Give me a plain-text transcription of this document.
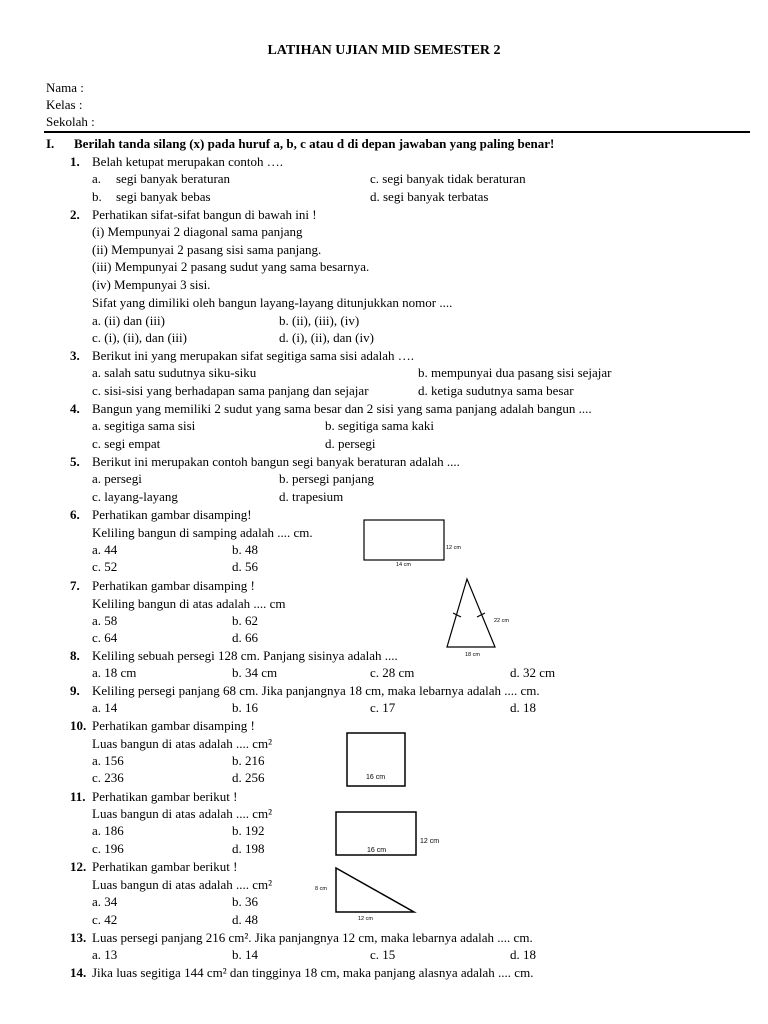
LATIHAN UJIAN MID SEMESTER 2
Nama :
Kelas :
Sekolah :
I. Berilah tanda silang (x) pada huruf a, b, c atau d di depan jawaban yang paling benar!
1. Belah ketupat merupakan contoh ….
a. segi banyak beraturan	c. segi banyak tidak beraturan
b. segi banyak bebas	d. segi banyak terbatas
2. Perhatikan sifat-sifat bangun di bawah ini !
(i) Mempunyai 2 diagonal sama panjang
(ii) Mempunyai 2 pasang sisi sama panjang.
(iii) Mempunyai 2 pasang sudut yang sama besarnya.
(iv) Mempunyai 3 sisi.
Sifat yang dimiliki oleh bangun layang-layang ditunjukkan nomor ....
a. (ii) dan (iii)	b. (ii), (iii), (iv)
c. (i), (ii), dan (iii)	d. (i), (ii), dan (iv)
3. Berikut ini yang merupakan sifat segitiga sama sisi adalah ….
a. salah satu sudutnya siku-siku	b. mempunyai dua pasang sisi sejajar
c. sisi-sisi yang berhadapan sama panjang dan sejajar	d. ketiga sudutnya sama besar
4. Bangun yang memiliki 2 sudut yang sama besar dan 2 sisi yang sama panjang adalah bangun ....
a. segitiga sama sisi	b. segitiga sama kaki
c. segi empat	d. persegi
5. Berikut ini merupakan contoh bangun segi banyak beraturan adalah ....
a. persegi	b. persegi panjang
c. layang-layang	d. trapesium
6. Perhatikan gambar disamping!
Keliling bangun di samping adalah .... cm.
a. 44	b. 48
c. 52	d. 56
12 cm
14 cm
7. Perhatikan gambar disamping !
Keliling bangun di atas adalah .... cm
a. 58	b. 62
c. 64	d. 66
22 cm
18 cm
8. Keliling sebuah persegi 128 cm. Panjang sisinya adalah ....
a. 18 cm	b. 34 cm	c. 28 cm	d. 32 cm
9. Keliling persegi panjang 68 cm. Jika panjangnya 18 cm, maka lebarnya adalah .... cm.
a. 14	b. 16	c. 17	d. 18
10. Perhatikan gambar disamping !
Luas bangun di atas adalah .... cm²
a. 156	b. 216
c. 236	d. 256	16 cm
11. Perhatikan gambar berikut !
Luas bangun di atas adalah .... cm²
a. 186	b. 192
c. 196	d. 198	12 cm
16 cm
12. Perhatikan gambar berikut !
Luas bangun di atas adalah .... cm²
a. 34	b. 36
c. 42	d. 48
8 cm
12 cm
13. Luas persegi panjang 216 cm². Jika panjangnya 12 cm, maka lebarnya adalah .... cm.
a. 13	b. 14	c. 15	d. 18
14. Jika luas segitiga 144 cm² dan tingginya 18 cm, maka panjang alasnya adalah .... cm.
